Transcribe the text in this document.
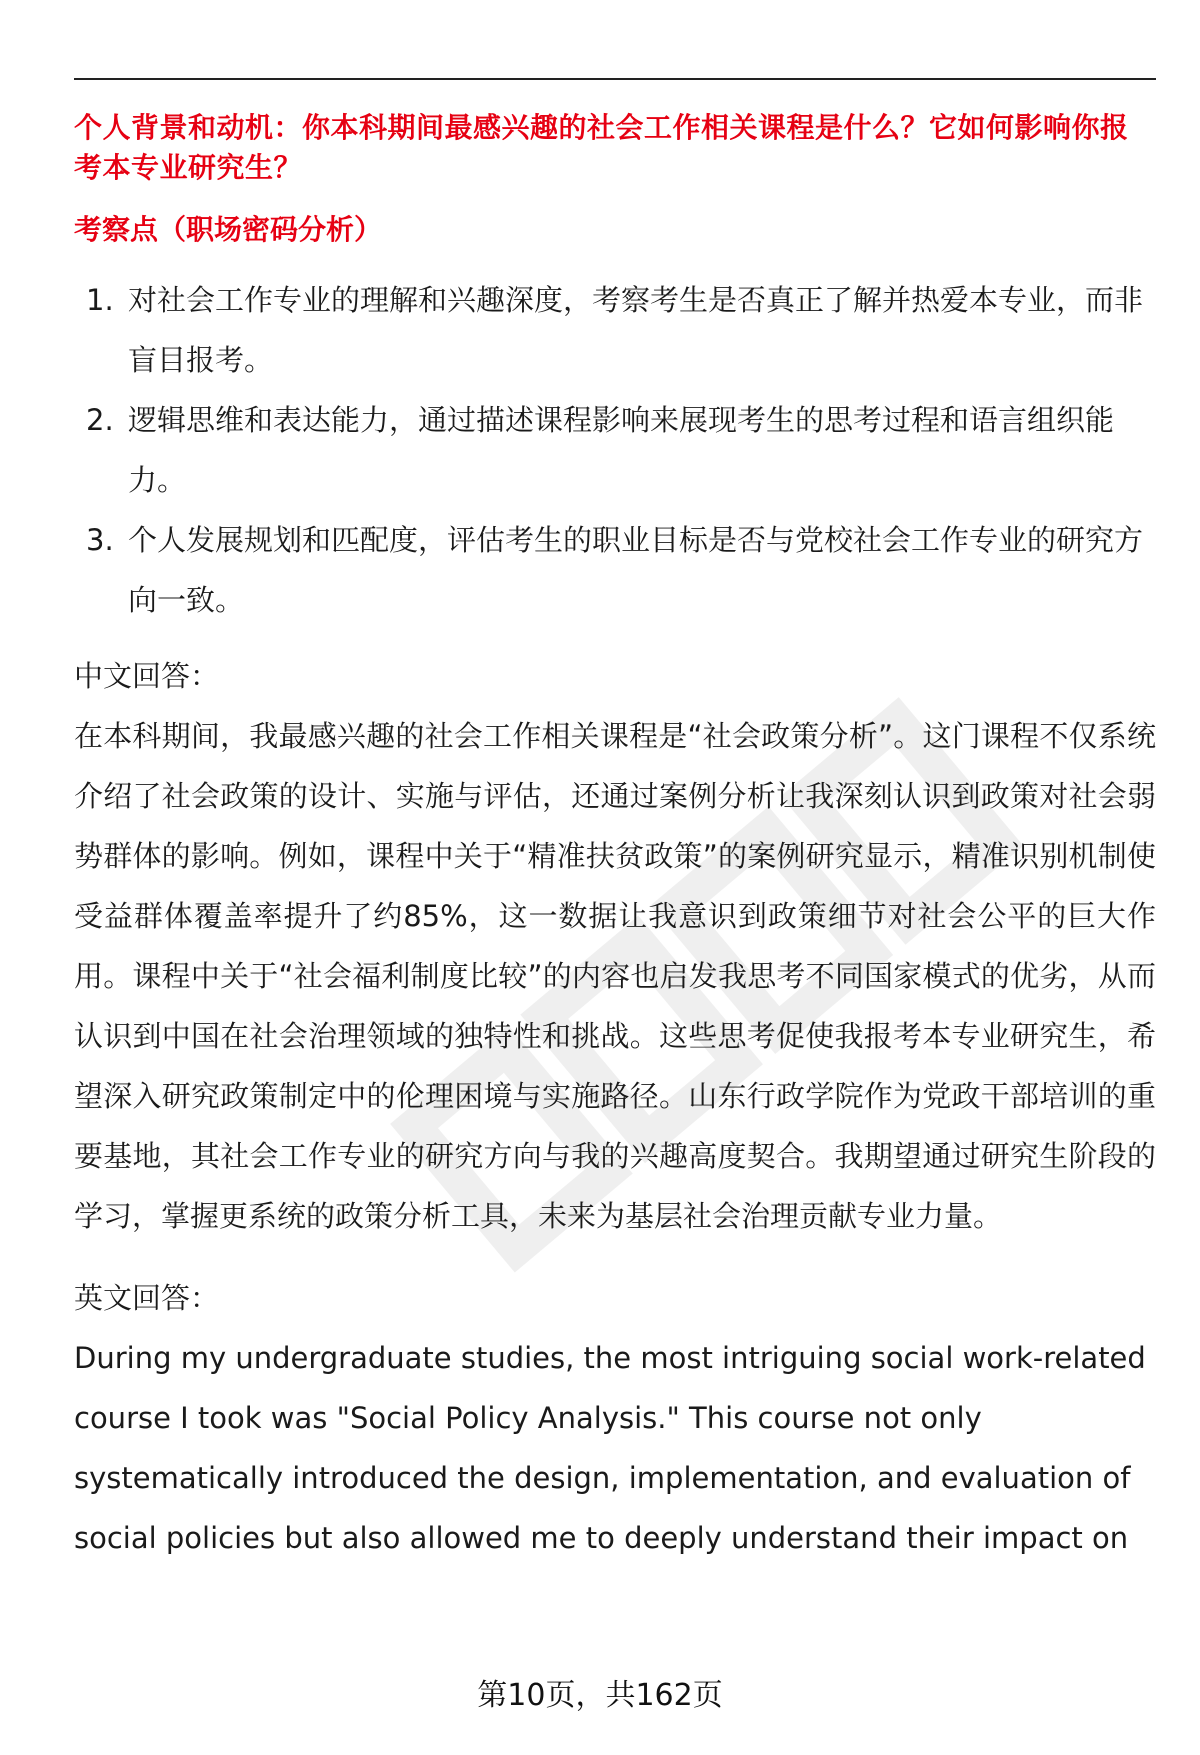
个人背景和动机：你本科期间最感兴趣的社会工作相关课程是什么？它如何影响你报考本专业研究生？

考察点（职场密码分析）

1. 对社会工作专业的理解和兴趣深度，考察考生是否真正了解并热爱本专业，而非盲目报考。
2. 逻辑思维和表达能力，通过描述课程影响来展现考生的思考过程和语言组织能力。
3. 个人发展规划和匹配度，评估考生的职业目标是否与党校社会工作专业的研究方向一致。

中文回答：

在本科期间，我最感兴趣的社会工作相关课程是“社会政策分析”。这门课程不仅系统介绍了社会政策的设计、实施与评估，还通过案例分析让我深刻认识到政策对社会弱势群体的影响。例如，课程中关于“精准扶贫政策”的案例研究显示，精准识别机制使受益群体覆盖率提升了约85%，这一数据让我意识到政策细节对社会公平的巨大作用。课程中关于“社会福利制度比较”的内容也启发我思考不同国家模式的优劣，从而认识到中国在社会治理领域的独特性和挑战。这些思考促使我报考本专业研究生，希望深入研究政策制定中的伦理困境与实施路径。山东行政学院作为党政干部培训的重要基地，其社会工作专业的研究方向与我的兴趣高度契合。我期望通过研究生阶段的学习，掌握更系统的政策分析工具，未来为基层社会治理贡献专业力量。

英文回答：

During my undergraduate studies, the most intriguing social work-related
course I took was "Social Policy Analysis." This course not only
systematically introduced the design, implementation, and evaluation of
social policies but also allowed me to deeply understand their impact on
第10页，共162页
